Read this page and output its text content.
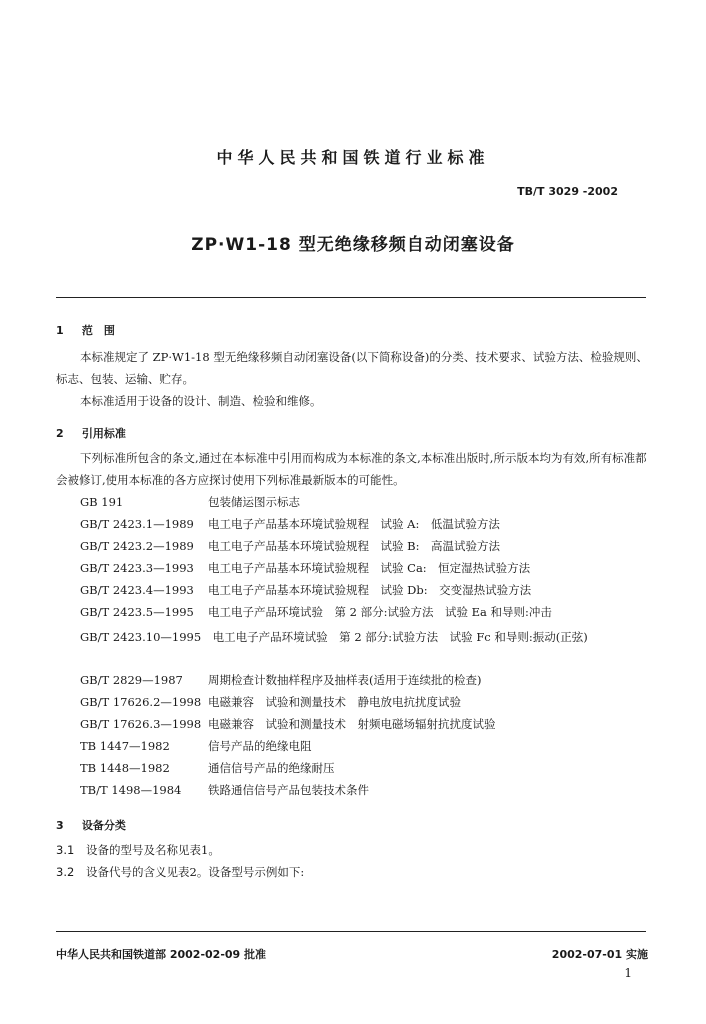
中华人民共和国铁道行业标准
TB/T 3029 -2002
ZP·W1-18 型无绝缘移频自动闭塞设备
1 范　围
本标准规定了 ZP·W1-18 型无绝缘移频自动闭塞设备(以下简称设备)的分类、技术要求、试验方法、检验规则、标志、包装、运输、贮存。
本标准适用于设备的设计、制造、检验和维修。
2 引用标准
下列标准所包含的条文,通过在本标准中引用而构成为本标准的条文,本标准出版时,所示版本均为有效,所有标准都会被修订,使用本标准的各方应探讨使用下列标准最新版本的可能性。
GB 191	包装储运图示标志
GB/T 2423.1—1989 电工电子产品基本环境试验规程　试验 A:　低温试验方法
GB/T 2423.2—1989 电工电子产品基本环境试验规程　试验 B:　高温试验方法
GB/T 2423.3—1993 电工电子产品基本环境试验规程　试验 Ca:　恒定湿热试验方法
GB/T 2423.4—1993 电工电子产品基本环境试验规程　试验 Db:　交变湿热试验方法
GB/T 2423.5—1995 电工电子产品环境试验　第 2 部分:试验方法　试验 Ea 和导则:冲击
GB/T 2423.10—1995　 电工电子产品环境试验　第 2 部分:试验方法　试验 Fc 和导则:振动(正弦)
GB/T 2829—1987 周期检查计数抽样程序及抽样表(适用于连续批的检查)
GB/T 17626.2—1998 电磁兼容　试验和测量技术　静电放电抗扰度试验
GB/T 17626.3—1998 电磁兼容　试验和测量技术　射频电磁场辐射抗扰度试验
TB 1447—1982	信号产品的绝缘电阻
TB 1448—1982	通信信号产品的绝缘耐压
TB/T 1498—1984 铁路通信信号产品包装技术条件
3 设备分类
3.1 设备的型号及名称见表1。
3.2 设备代号的含义见表2。设备型号示例如下:
中华人民共和国铁道部 2002-02-09 批准	2002-07-01 实施
1
